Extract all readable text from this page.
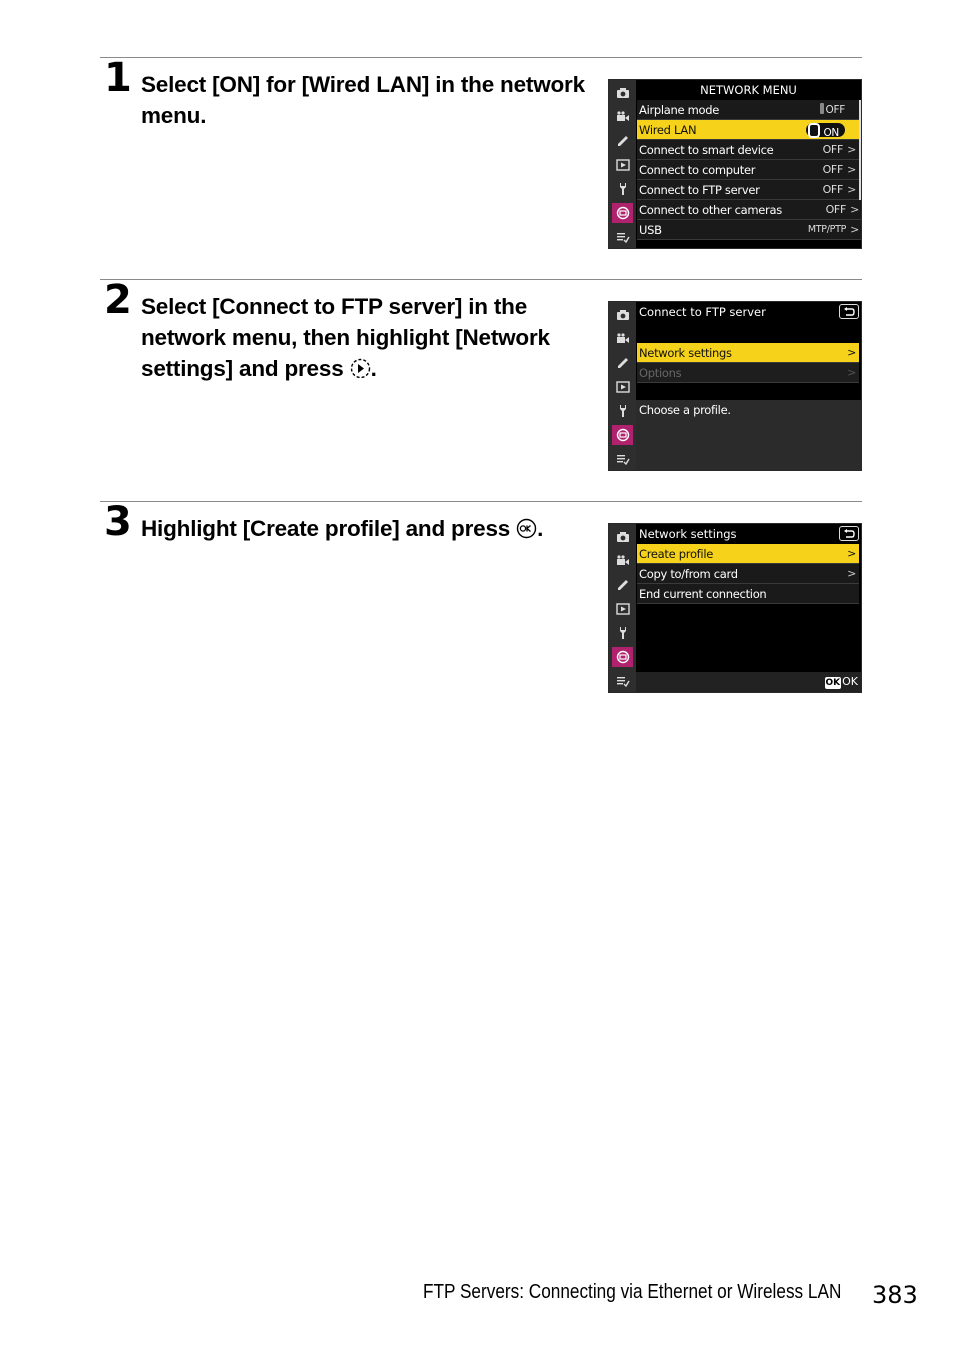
1 Select [ON] for [Wired LAN] in the network menu.
NETWORK MENU
Airplane mode	OFF
Wired LAN	ON
Connect to smart device	OFF >
Connect to computer	OFF >
Connect to FTP server	OFF >
Connect to other cameras	OFF >
USB	MTP/PTP >
2 Select [Connect to FTP server] in the network menu, then highlight [Network settings] and press .
Connect to FTP server
Network settings	>
Options	>
Choose a profile.
3 Highlight [Create profile] and press .	Network settings
Create profile	>
Copy to/from card	>
End current connection
OK OK
FTP Servers: Connecting via Ethernet or Wireless LAN 383
